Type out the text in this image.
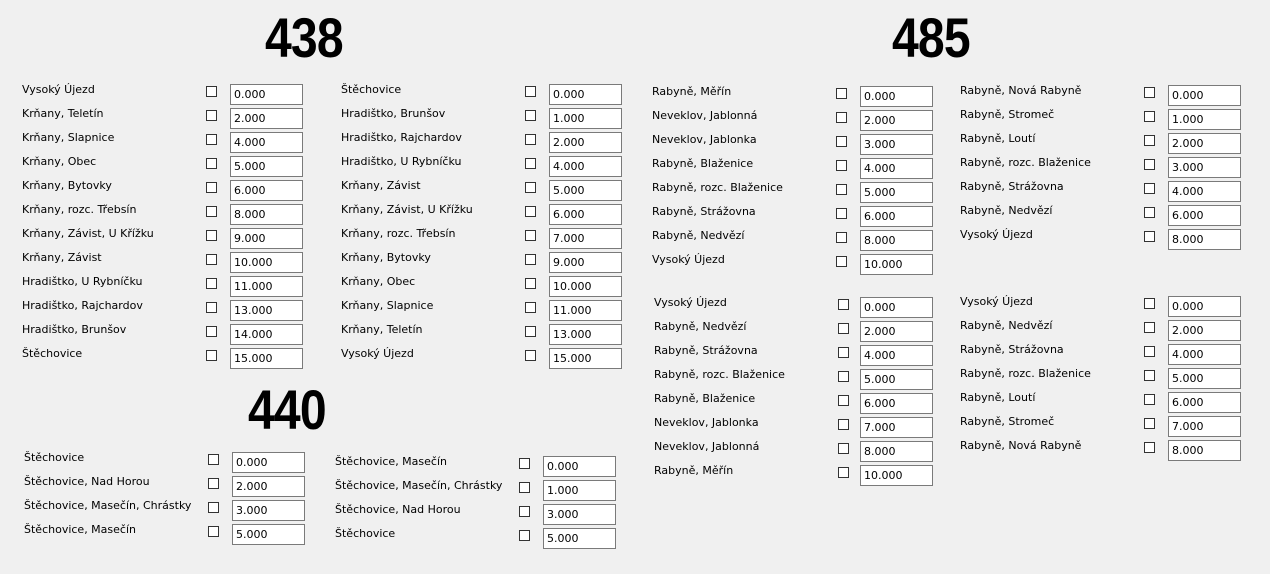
438	485
440
Vysoký Újezd
0.000
Krňany, Teletín
2.000
Krňany, Slapnice
4.000
Krňany, Obec
5.000
Krňany, Bytovky
6.000
Krňany, rozc. Třebsín
8.000
Krňany, Závist, U Křížku
9.000
Krňany, Závist
10.000
Hradištko, U Rybníčku
11.000
Hradištko, Rajchardov
13.000
Hradištko, Brunšov
14.000
Štěchovice
15.000
Štěchovice
0.000
Hradištko, Brunšov
1.000
Hradištko, Rajchardov
2.000
Hradištko, U Rybníčku
4.000
Krňany, Závist
5.000
Krňany, Závist, U Křížku
6.000
Krňany, rozc. Třebsín
7.000
Krňany, Bytovky
9.000
Krňany, Obec
10.000
Krňany, Slapnice
11.000
Krňany, Teletín
13.000
Vysoký Újezd
15.000
Štěchovice
0.000
Štěchovice, Nad Horou
2.000
Štěchovice, Masečín, Chrástky
3.000
Štěchovice, Masečín
5.000
Štěchovice, Masečín
0.000
Štěchovice, Masečín, Chrástky
1.000
Štěchovice, Nad Horou
3.000
Štěchovice
5.000
Rabyně, Měřín
0.000
Neveklov, Jablonná
2.000
Neveklov, Jablonka
3.000
Rabyně, Blaženice
4.000
Rabyně, rozc. Blaženice
5.000
Rabyně, Strážovna
6.000
Rabyně, Nedvězí
8.000
Vysoký Újezd
10.000
Rabyně, Nová Rabyně
0.000
Rabyně, Stromeč
1.000
Rabyně, Loutí
2.000
Rabyně, rozc. Blaženice
3.000
Rabyně, Strážovna
4.000
Rabyně, Nedvězí
6.000
Vysoký Újezd
8.000
Vysoký Újezd
0.000
Rabyně, Nedvězí
2.000
Rabyně, Strážovna
4.000
Rabyně, rozc. Blaženice
5.000
Rabyně, Blaženice
6.000
Neveklov, Jablonka
7.000
Neveklov, Jablonná
8.000
Rabyně, Měřín
10.000
Vysoký Újezd
0.000
Rabyně, Nedvězí
2.000
Rabyně, Strážovna
4.000
Rabyně, rozc. Blaženice
5.000
Rabyně, Loutí
6.000
Rabyně, Stromeč
7.000
Rabyně, Nová Rabyně
8.000
